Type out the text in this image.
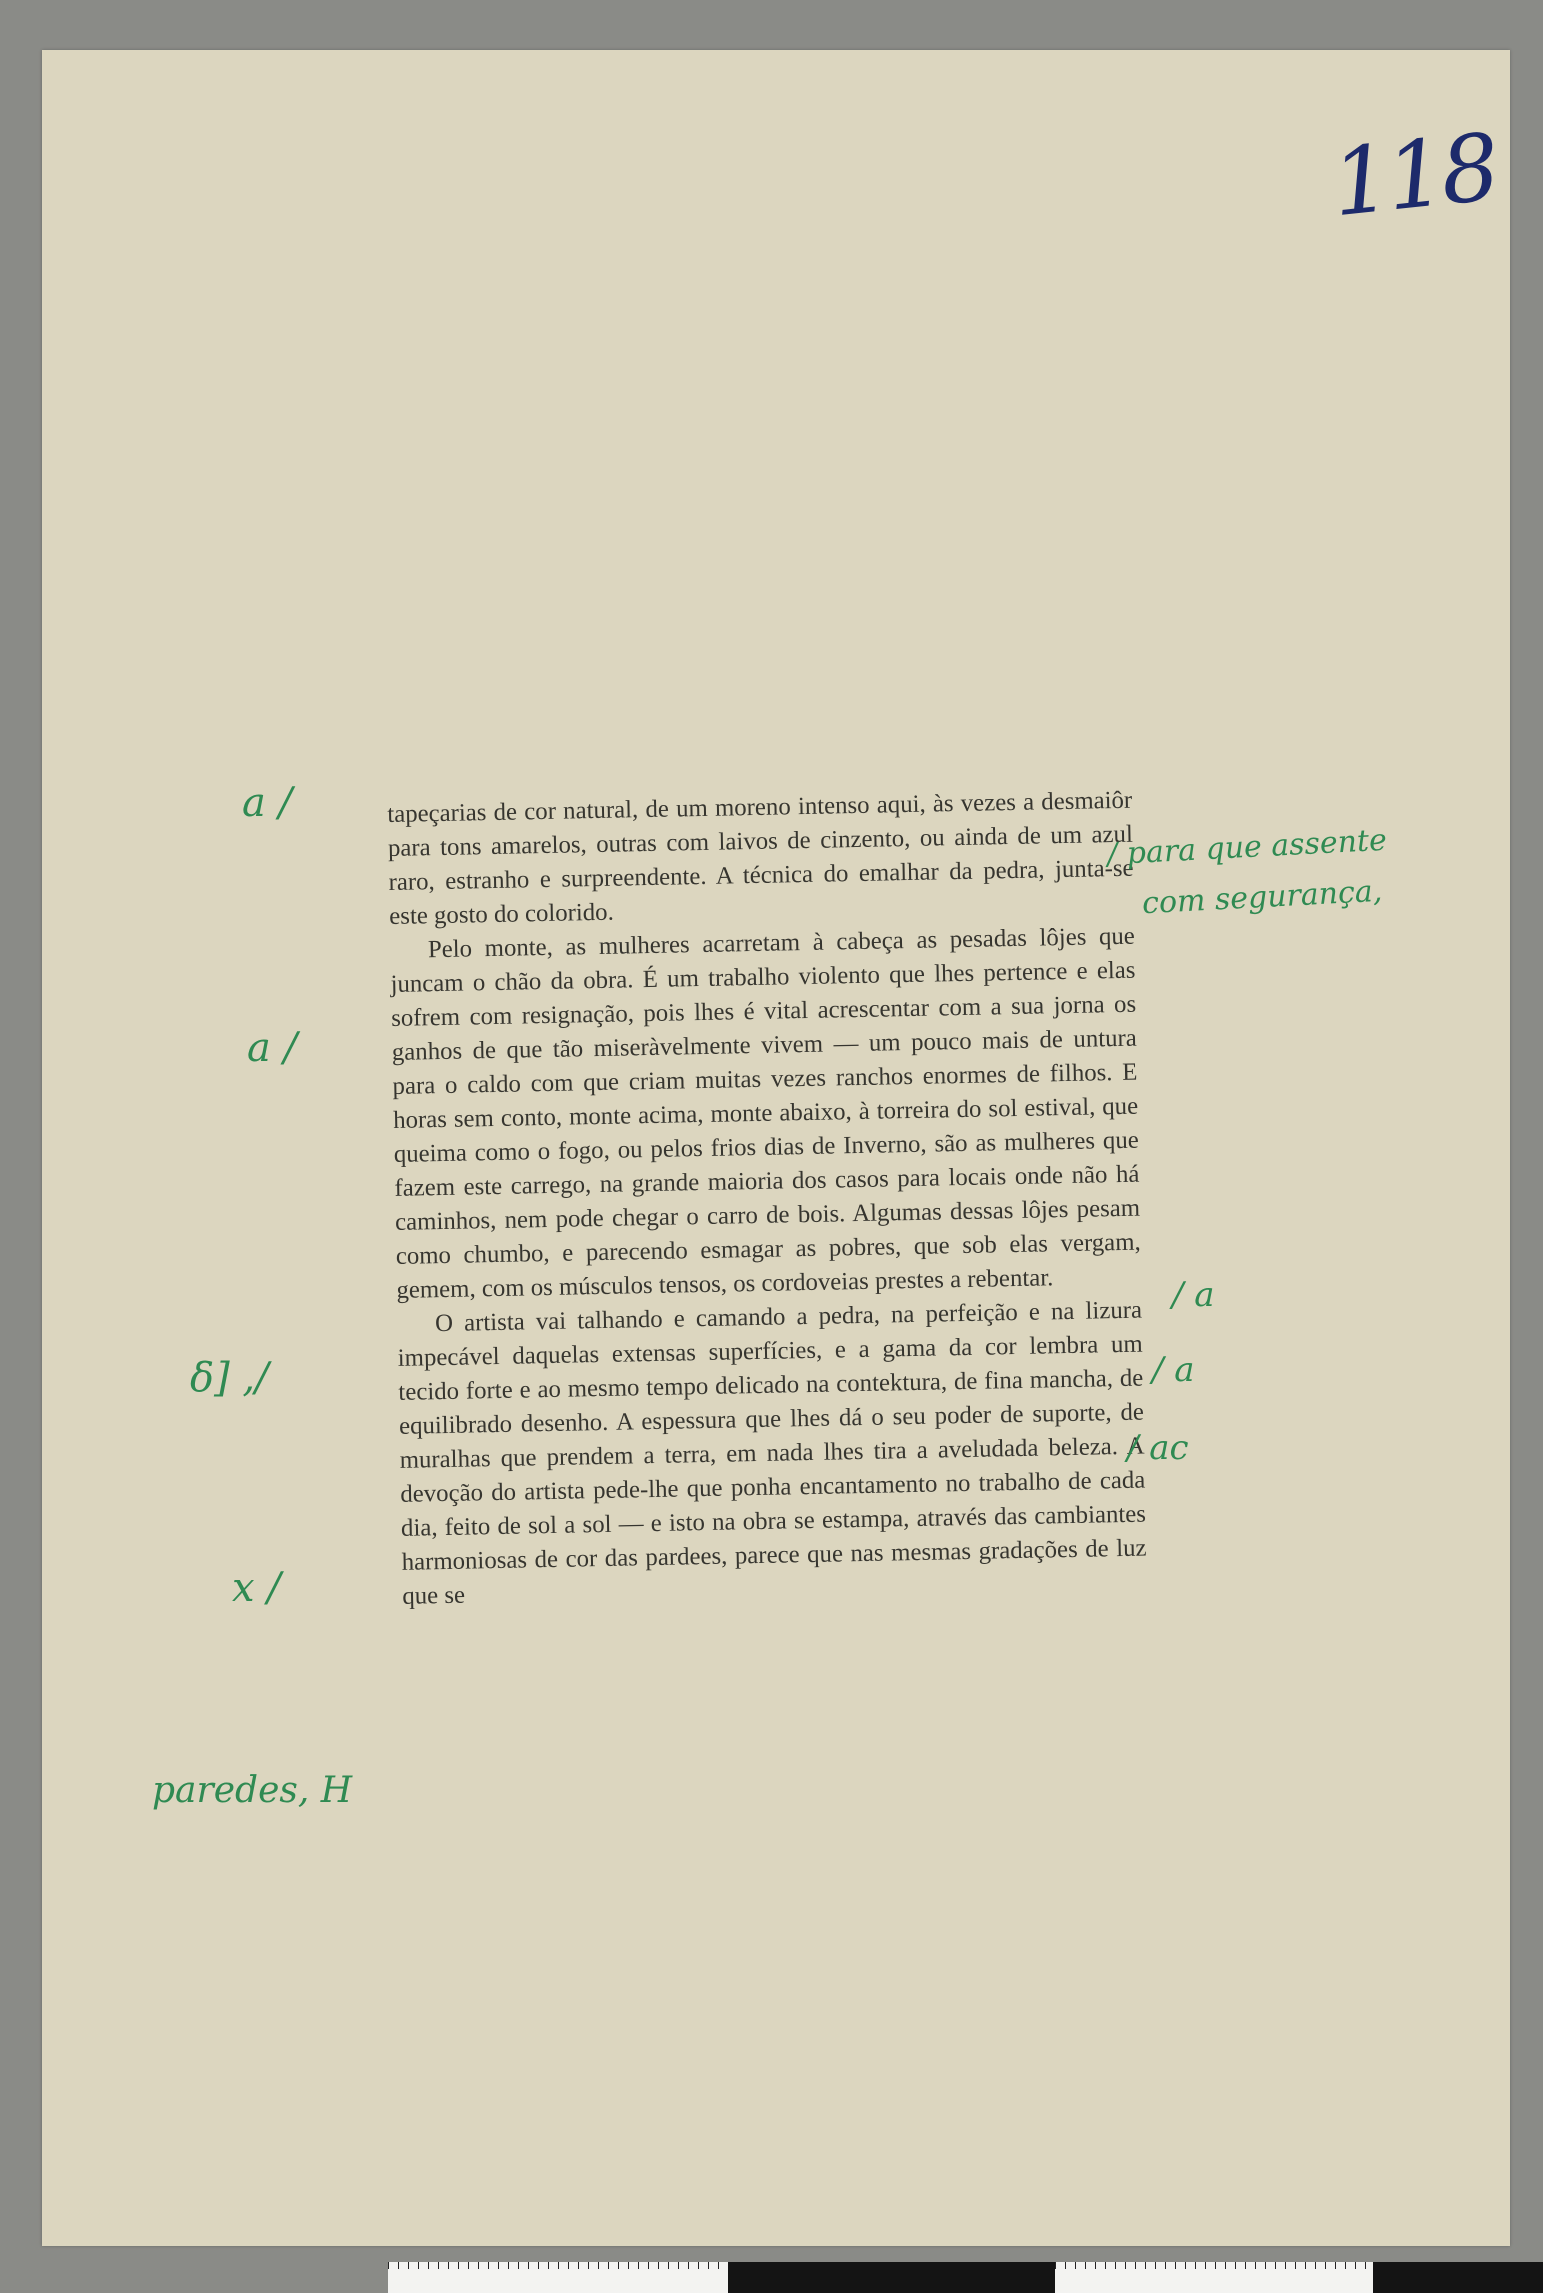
118

tapeçarias de cor natural, de um moreno intenso aqui, às vezes a desmaiôr para tons amarelos, outras com laivos de cinzento, ou ainda de um azul raro, estranho e surpreendente. A técnica do emalhar da pedra, junta-se este gosto do colorido.

Pelo monte, as mulheres acarretam à cabeça as pesadas lôjes que juncam o chão da obra. É um trabalho violento que lhes pertence e elas sofrem com resignação, pois lhes é vital acrescentar com a sua jorna os ganhos de que tão miseràvelmente vivem — um pouco mais de untura para o caldo com que criam muitas vezes ranchos enormes de filhos. E horas sem conto, monte acima, monte abaixo, à torreira do sol estival, que queima como o fogo, ou pelos frios dias de Inverno, são as mulheres que fazem este carrego, na grande maioria dos casos para locais onde não há caminhos, nem pode chegar o carro de bois. Algumas dessas lôjes pesam como chumbo, e parecendo esmagar as pobres, que sob elas vergam, gemem, com os músculos tensos, os cordoveias prestes a rebentar.

O artista vai talhando e camando a pedra, na perfeição e na lizura impecável daquelas extensas superfícies, e a gama da cor lembra um tecido forte e ao mesmo tempo delicado na contektura, de fina mancha, de equilibrado desenho. A espessura que lhes dá o seu poder de suporte, de muralhas que prendem a terra, em nada lhes tira a aveludada beleza. A devoção do artista pede-lhe que ponha encantamento no trabalho de cada dia, feito de sol a sol — e isto na obra se estampa, através das cambiantes harmoniosas de cor das pardees, parece que nas mesmas gradações de luz que se

a /
a /
δ] ,/
x /
paredes, H
/ para que assente
com segurança,
/ a
/ a
/ ac
